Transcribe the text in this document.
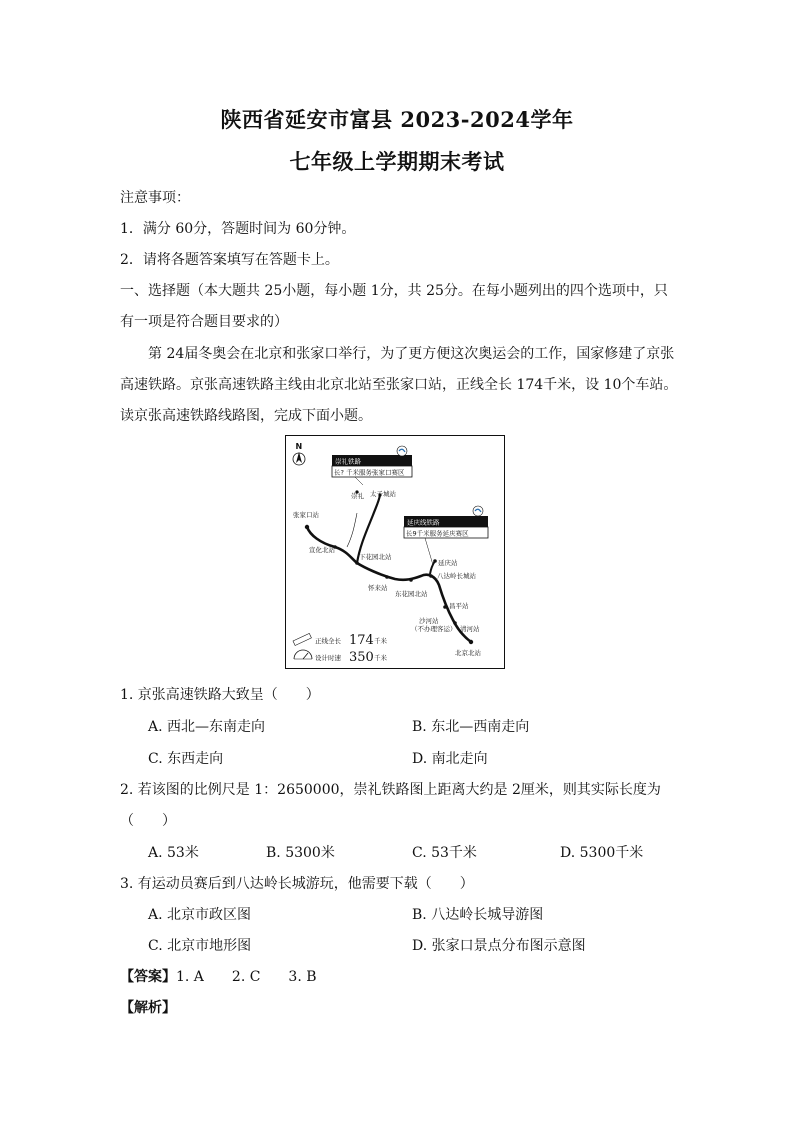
陕西省延安市富县 2023-2024学年
七年级上学期期末考试
注意事项：
1．满分 60分，答题时间为 60分钟。
2．请将各题答案填写在答题卡上。
一、选择题（本大题共 25小题，每小题 1分，共 25分。在每小题列出的四个选项中，只
有一项是符合题目要求的）
第 24届冬奥会在北京和张家口举行，为了更方便这次奥运会的工作，国家修建了京张
高速铁路。京张高速铁路主线由北京北站至张家口站，正线全长 174千米，设 10个车站。
读京张高速铁路线路图，完成下面小题。
N
崇礼铁路
长? 千米服务张家口赛区
延庆线铁路
长9千米服务延庆赛区
崇礼 太子城站
张家口站
宣化北站
下花园北站
怀来站
东花园北站
延庆站
八达岭长城站
昌平站
沙河站
（不办理客运） 清河站
北京北站
正线全长 174 千米
设计时速 350 千米
1. 京张高速铁路大致呈（　　）
A. 西北—东南走向	B. 东北—西南走向
C. 东西走向	D. 南北走向
2. 若该图的比例尺是 1：2650000，崇礼铁路图上距离大约是 2厘米，则其实际长度为
（　　）
A. 53米	B. 5300米	C. 53千米	D. 5300千米
3. 有运动员赛后到八达岭长城游玩，他需要下载（　　）
A. 北京市政区图	B. 八达岭长城导游图
C. 北京市地形图	D. 张家口景点分布图示意图
【答案】1. A　　2. C　　3. B
【解析】
